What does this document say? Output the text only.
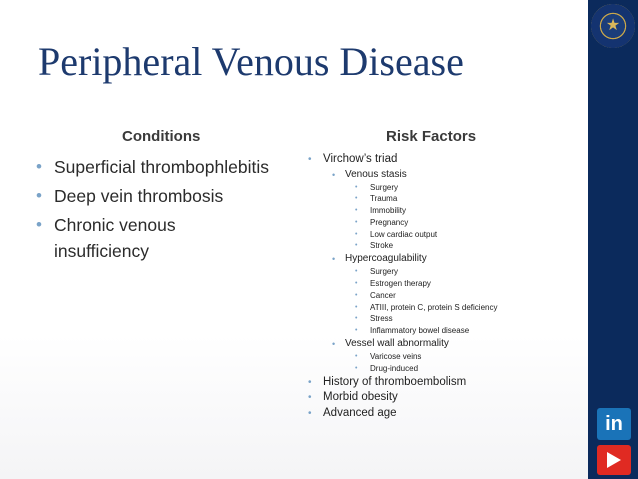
Peripheral Venous Disease
Conditions	Risk Factors
• Superficial thrombophlebitis
• Deep vein thrombosis
• Chronic venous insufficiency
• Virchow’s triad
• Venous stasis
• Surgery
• Trauma
• Immobility
• Pregnancy
• Low cardiac output
• Stroke
• Hypercoagulability
• Surgery
• Estrogen therapy
• Cancer
• ATIII, protein C, protein S deficiency
• Stress
• Inflammatory bowel disease
• Vessel wall abnormality
• Varicose veins
• Drug-induced
• History of thromboembolism
• Morbid obesity
• Advanced age
★
in
